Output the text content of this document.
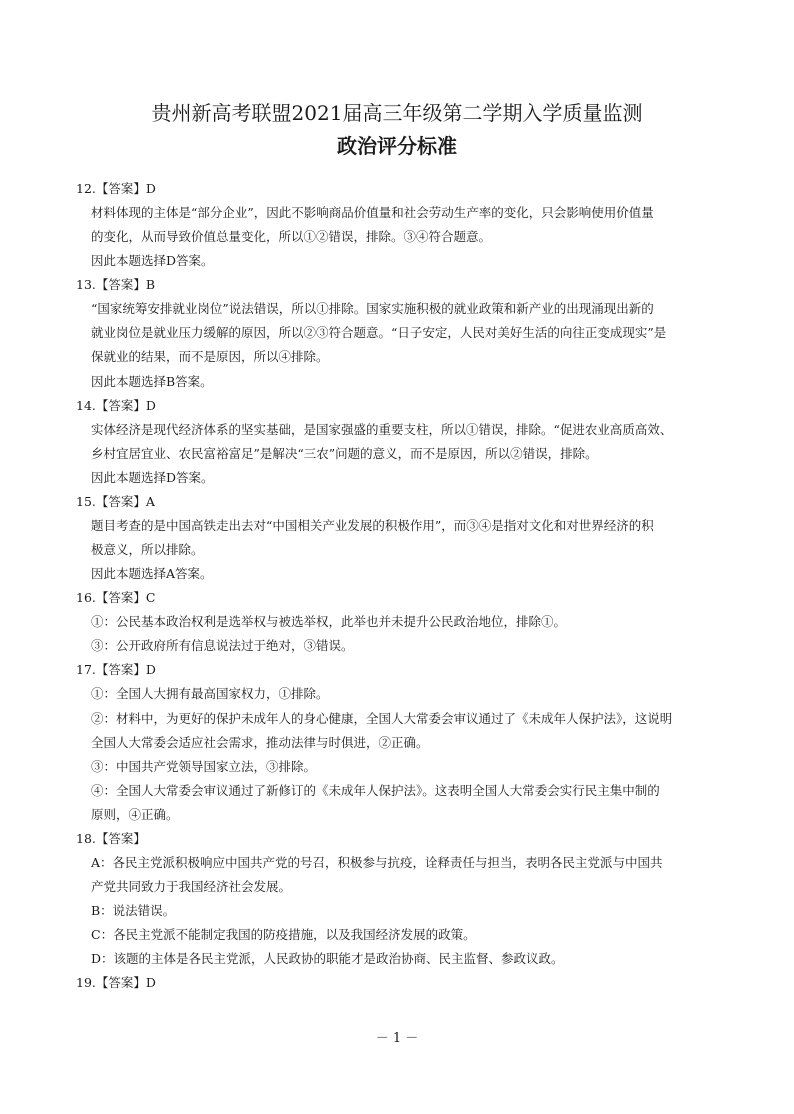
贵州新高考联盟2021届高三年级第二学期入学质量监测
政治评分标准
12.【答案】D
材料体现的主体是“部分企业”，因此不影响商品价值量和社会劳动生产率的变化，只会影响使用价值量
的变化，从而导致价值总量变化，所以①②错误，排除。③④符合题意。
因此本题选择D答案。
13.【答案】B
“国家统筹安排就业岗位”说法错误，所以①排除。国家实施积极的就业政策和新产业的出现涌现出新的
就业岗位是就业压力缓解的原因，所以②③符合题意。“日子安定，人民对美好生活的向往正变成现实”是
保就业的结果，而不是原因，所以④排除。
因此本题选择B答案。
14.【答案】D
实体经济是现代经济体系的坚实基础，是国家强盛的重要支柱，所以①错误，排除。“促进农业高质高效、
乡村宜居宜业、农民富裕富足”是解决“三农”问题的意义，而不是原因，所以②错误，排除。
因此本题选择D答案。
15.【答案】A
题目考查的是中国高铁走出去对“中国相关产业发展的积极作用”，而③④是指对文化和对世界经济的积
极意义，所以排除。
因此本题选择A答案。
16.【答案】C
①：公民基本政治权利是选举权与被选举权，此举也并未提升公民政治地位，排除①。
③：公开政府所有信息说法过于绝对，③错误。
17.【答案】D
①：全国人大拥有最高国家权力，①排除。
②：材料中，为更好的保护未成年人的身心健康，全国人大常委会审议通过了《未成年人保护法》，这说明
全国人大常委会适应社会需求，推动法律与时俱进，②正确。
③：中国共产党领导国家立法，③排除。
④：全国人大常委会审议通过了新修订的《未成年人保护法》。这表明全国人大常委会实行民主集中制的
原则，④正确。
18.【答案】
A：各民主党派积极响应中国共产党的号召，积极参与抗疫，诠释责任与担当，表明各民主党派与中国共
产党共同致力于我国经济社会发展。
B：说法错误。
C：各民主党派不能制定我国的防疫措施，以及我国经济发展的政策。
D：该题的主体是各民主党派，人民政协的职能才是政治协商、民主监督、参政议政。
19.【答案】D
－ 1 －
